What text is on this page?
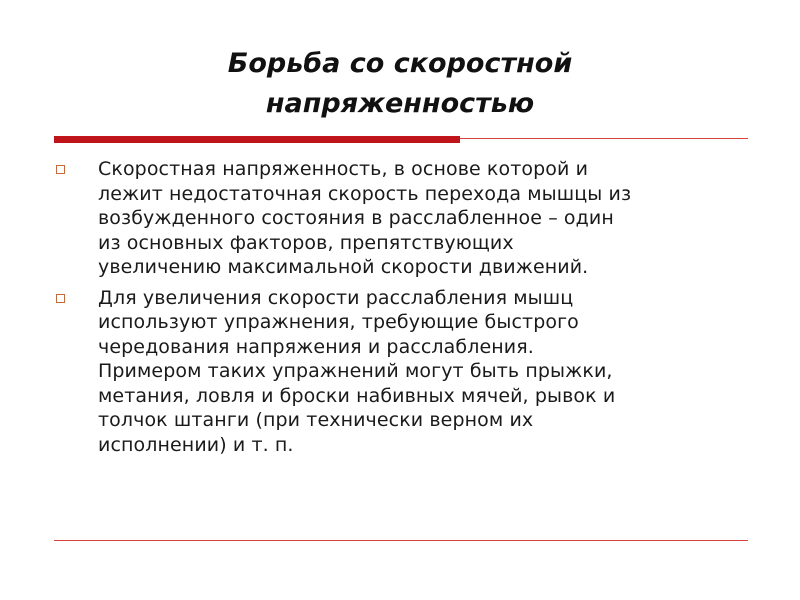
Борьба со скоростной
напряженностью
Скоростная напряженность, в основе которой и
лежит недостаточная скорость перехода мышцы из
возбужденного состояния в расслабленное – один
из основных факторов, препятствующих
увеличению максимальной скорости движений.
Для увеличения скорости расслабления мышц
используют упражнения, требующие быстрого
чередования напряжения и расслабления.
Примером таких упражнений могут быть прыжки,
метания, ловля и броски набивных мячей, рывок и
толчок штанги (при технически верном их
исполнении) и т. п.
